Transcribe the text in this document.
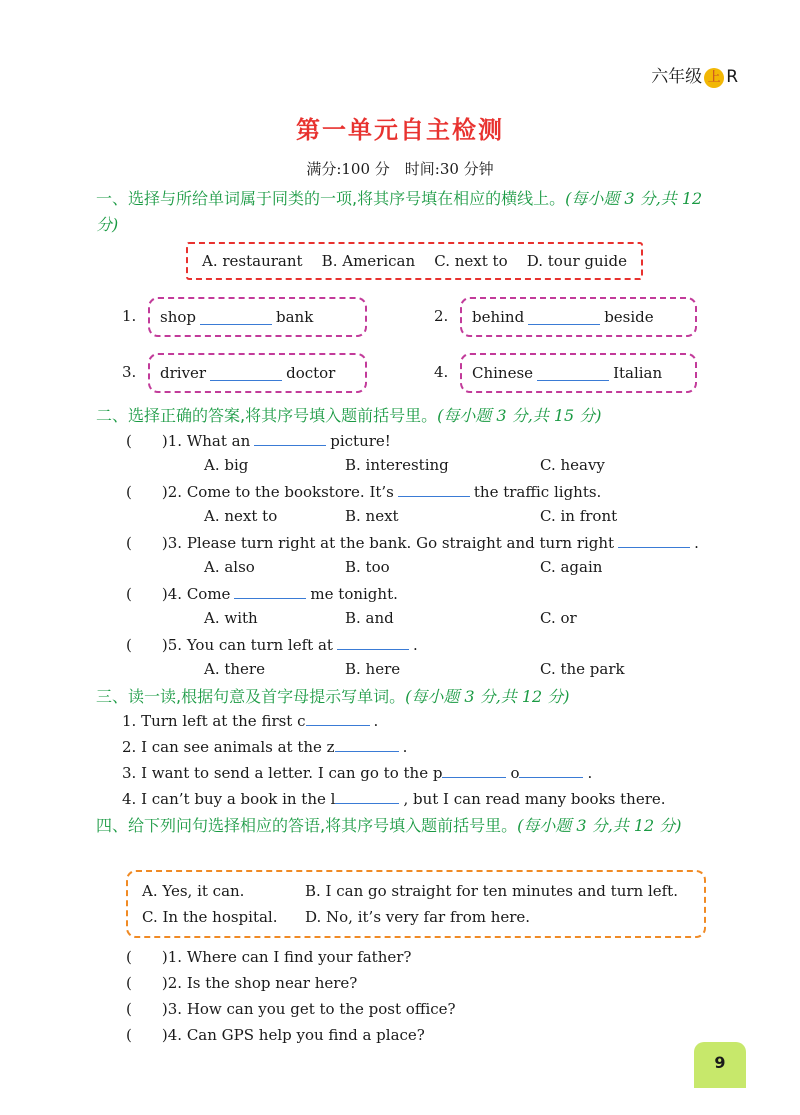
六年级 上 R
第一单元自主检测
满分:100 分　时间:30 分钟
一、选择与所给单词属于同类的一项,将其序号填在相应的横线上。(每小题 3 分,共 12 分)
A. restaurant B. American C. next to D. tour guide
1. shop	bank	2. behind	beside
3. driver	doctor	4. Chinese	Italian
二、选择正确的答案,将其序号填入题前括号里。(每小题 3 分,共 15 分)
(　　)1. What an	picture!
A. big	B. interesting	C. heavy
(　　)2. Come to the bookstore. It’s	the traffic lights.
A. next to	B. next	C. in front
(　　)3. Please turn right at the bank. Go straight and turn right	.
A. also	B. too	C. again
(　　)4. Come	me tonight.
A. with	B. and	C. or
(　　)5. You can turn left at	.
A. there	B. here	C. the park
三、读一读,根据句意及首字母提示写单词。(每小题 3 分,共 12 分)
1. Turn left at the first c	.
2. I can see animals at the z	.
3. I want to send a letter. I can go to the p	o	.
4. I can’t buy a book in the l	, but I can read many books there.
四、给下列问句选择相应的答语,将其序号填入题前括号里。(每小题 3 分,共 12 分)
A. Yes, it can.	B. I can go straight for ten minutes and turn left.
C. In the hospital.	D. No, it’s very far from here.
(　　)1. Where can I find your father?
(　　)2. Is the shop near here?
(　　)3. How can you get to the post office?
(　　)4. Can GPS help you find a place?
9
